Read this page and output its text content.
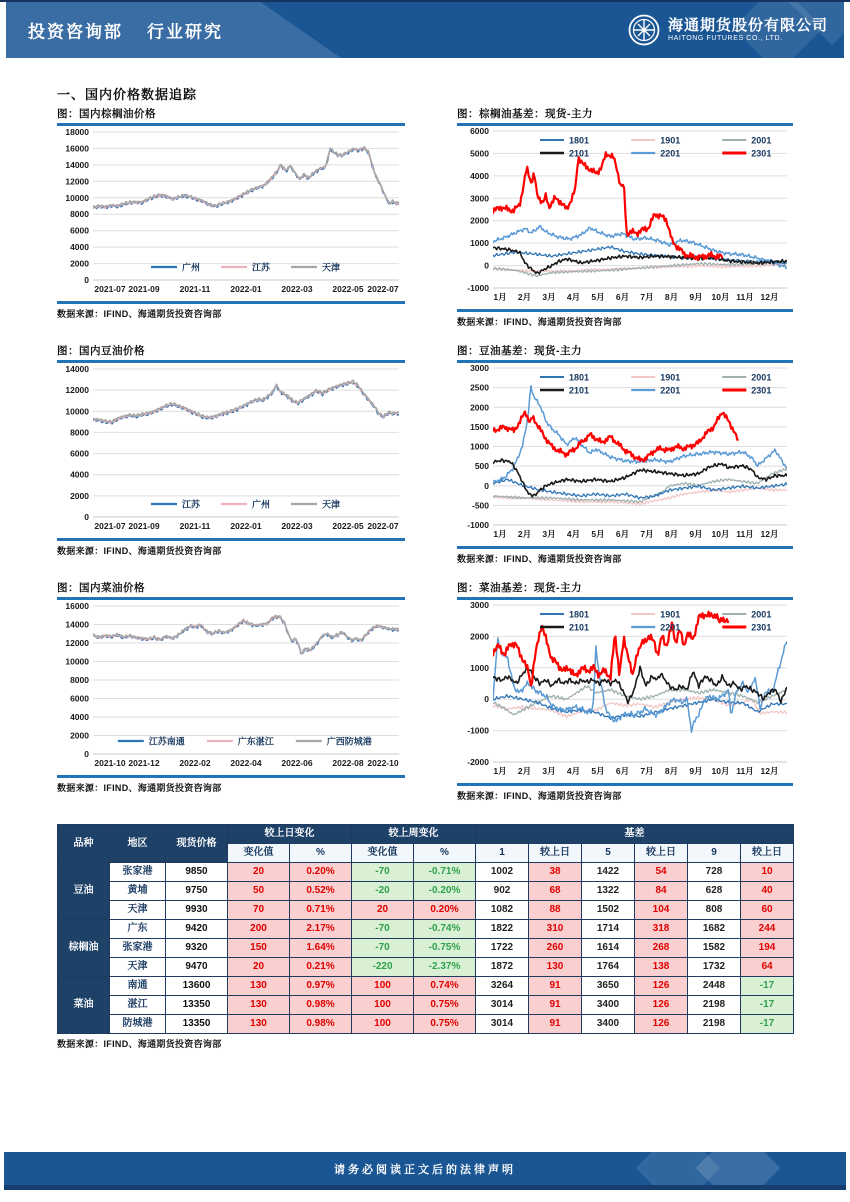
投资咨询部 行业研究	海通期货股份有限公司
HAITONG FUTURES CO., LTD.
一、国内价格数据追踪
图：国内棕榈油价格
0
2000
4000
6000
8000
10000
12000
14000
16000
18000
2021-07 2021-09 2021-11 2022-01 2022-03 2022-05 2022-07
广州	江苏	天津
数据来源：IFIND、海通期货投资咨询部
图：棕榈油基差：现货-主力
-1000
0
1000
2000
3000
4000
5000
6000
1月 2月 3月 4月 5月 6月 7月 8月 9月 10月 11月 12月
1801	1901	2001
2101	2201	2301
数据来源：IFIND、海通期货投资咨询部
图：国内豆油价格
0
2000
4000
6000
8000
10000
12000
14000
2021-07 2021-09 2021-11 2022-01 2022-03 2022-05 2022-07
江苏	广州	天津
数据来源：IFIND、海通期货投资咨询部
图：豆油基差：现货-主力
-1000
-500
0
500
1000
1500
2000
2500
3000
1月 2月 3月 4月 5月 6月 7月 8月 9月 10月 11月 12月
1801	1901	2001
2101	2201	2301
数据来源：IFIND、海通期货投资咨询部
图：国内菜油价格
0
2000
4000
6000
8000
10000
12000
14000
16000
2021-10 2021-12 2022-02 2022-04 2022-06 2022-08 2022-10
江苏南通	广东湛江	广西防城港
数据来源：IFIND、海通期货投资咨询部
图：菜油基差：现货-主力
-2000
-1000
0
1000
2000
3000
1月 2月 3月 4月 5月 6月 7月 8月 9月 10月 11月 12月
1801	1901	2001
2101	2201	2301
数据来源：IFIND、海通期货投资咨询部
品种	地区	现货价格	较上日变化		较上周变化		基差					
			变化值	%	变化值	%	1	较上日	5	较上日	9	较上日
豆油	张家港	9850	20	0.20%	-70	-0.71%	1002	38	1422	54	728	10
	黄埔	9750	50	0.52%	-20	-0.20%	902	68	1322	84	628	40
	天津	9930	70	0.71%	20	0.20%	1082	88	1502	104	808	60
棕榈油	广东	9420	200	2.17%	-70	-0.74%	1822	310	1714	318	1682	244
	张家港	9320	150	1.64%	-70	-0.75%	1722	260	1614	268	1582	194
	天津	9470	20	0.21%	-220	-2.37%	1872	130	1764	138	1732	64
菜油	南通	13600	130	0.97%	100	0.74%	3264	91	3650	126	2448	-17
	湛江	13350	130	0.98%	100	0.75%	3014	91	3400	126	2198	-17
	防城港	13350	130	0.98%	100	0.75%	3014	91	3400	126	2198	-17
数据来源：IFIND、海通期货投资咨询部
请务必阅读正文后的法律声明
